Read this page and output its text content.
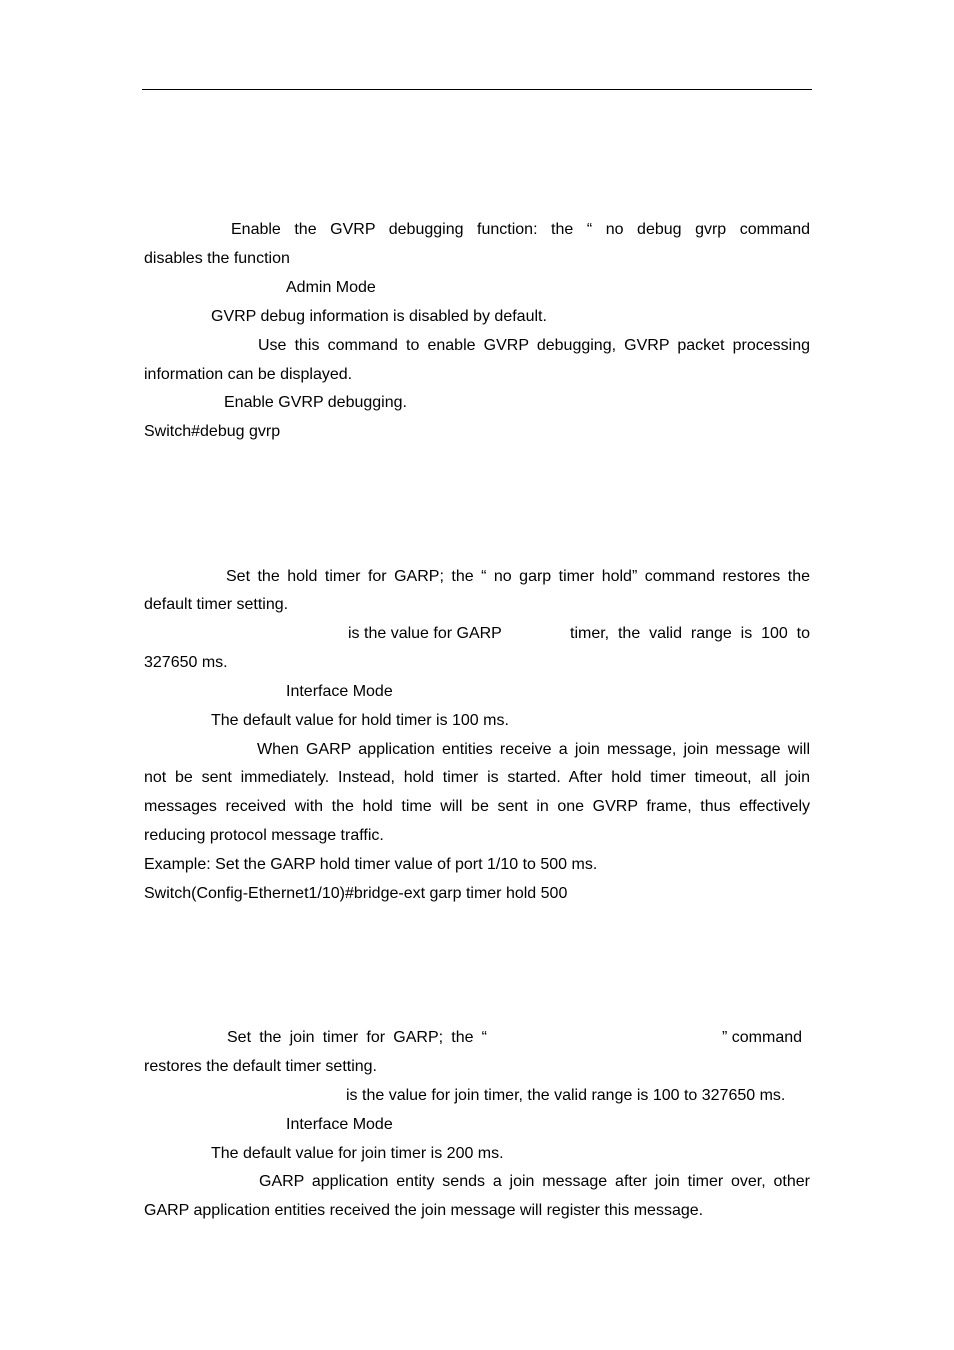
Enable the GVRP debugging function: the “ no debug gvrp command
disables the function
Admin Mode
GVRP debug information is disabled by default.
Use this command to enable GVRP debugging, GVRP packet processing
information can be displayed.
Enable GVRP debugging.
Switch#debug gvrp
Set the hold timer for GARP; the “ no garp timer hold” command restores the
default timer setting.
is the value for GARP	timer, the valid range is 100 to
327650 ms.
Interface Mode
The default value for hold timer is 100 ms.
When GARP application entities receive a join message, join message will
not be sent immediately. Instead, hold timer is started. After hold timer timeout, all join
messages received with the hold time will be sent in one GVRP frame, thus effectively
reducing protocol message traffic.
Example: Set the GARP hold timer value of port 1/10 to 500 ms.
Switch(Config-Ethernet1/10)#bridge-ext garp timer hold 500
Set the join timer for GARP; the “	” command
restores the default timer setting.
is the value for join timer, the valid range is 100 to 327650 ms.
Interface Mode
The default value for join timer is 200 ms.
GARP application entity sends a join message after join timer over, other
GARP application entities received the join message will register this message.
